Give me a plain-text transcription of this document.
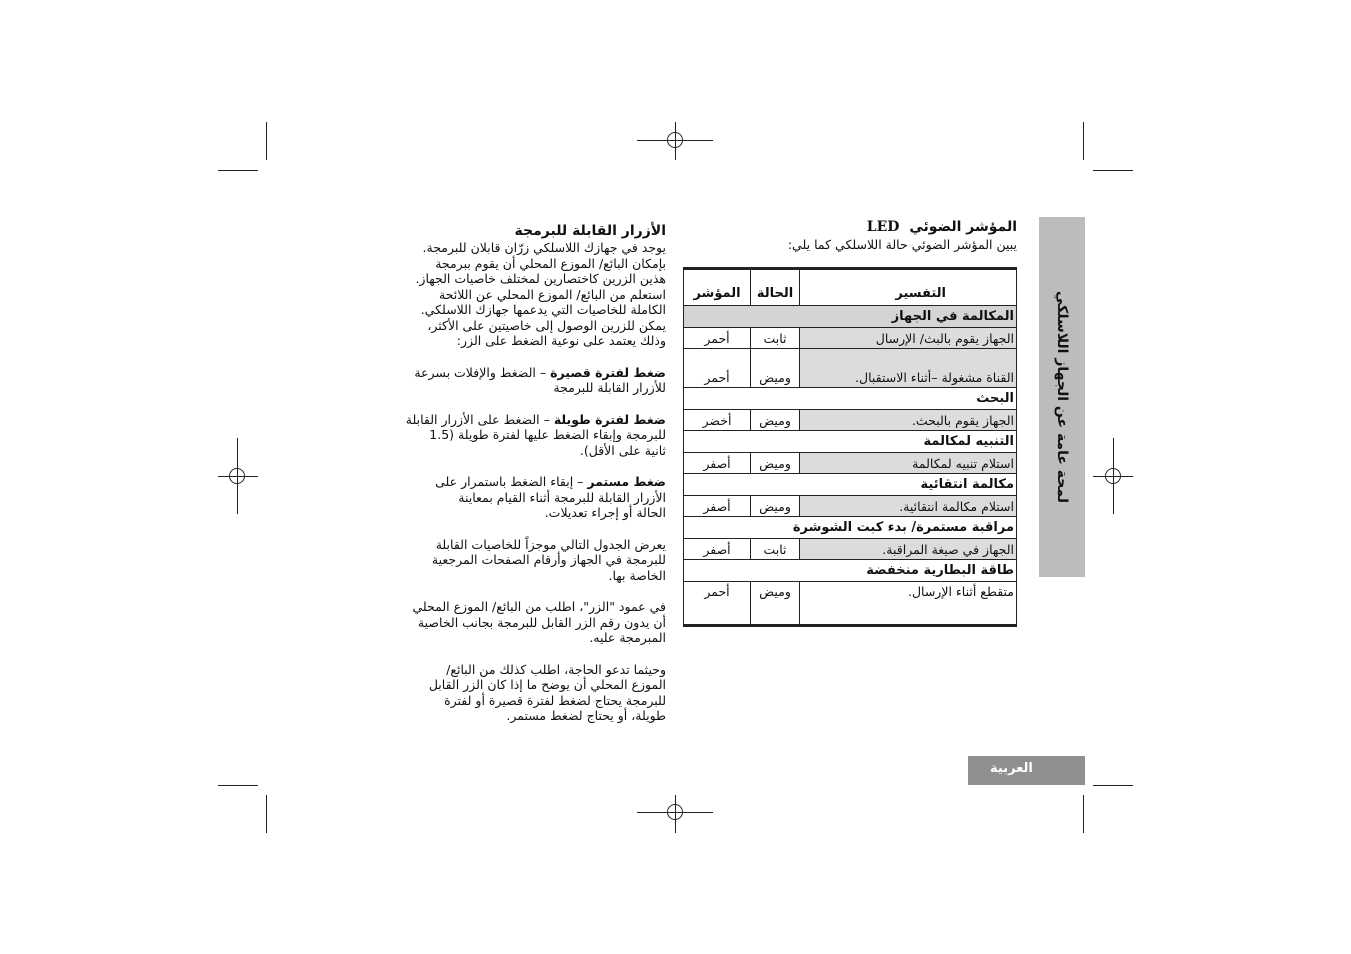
لمحة عامة عن الجهاز اللاسلكي
العربية
الأزرار القابلة للبرمجة

يوجد في جهازك اللاسلكي زرّان قابلان للبرمجة.

بإمكان البائع/ الموزع المحلي أن يقوم ببرمجة

هذين الزرين كاختصارين لمختلف خاصيات الجهاز.

استعلم من البائع/ الموزع المحلي عن اللائحة

الكاملة للخاصيات التي يدعمها جهازك اللاسلكي.

يمكن للزرين الوصول إلى خاصيتين على الأكثر،

وذلك يعتمد على نوعية الضغط على الزر:

ضغط لفترة قصيرة – الضغط والإفلات بسرعة

للأزرار القابلة للبرمجة

ضغط لفترة طويلة – الضغط على الأزرار القابلة

للبرمجة وإبقاء الضغط عليها لفترة طويلة (1.5

ثانية على الأقل).

ضغط مستمر – إبقاء الضغط باستمرار على

الأزرار القابلة للبرمجة أثناء القيام بمعاينة

الحالة أو إجراء تعديلات.

يعرض الجدول التالي موجزاً للخاصيات القابلة

للبرمجة في الجهاز وأرقام الصفحات المرجعية

الخاصة بها.

في عمود "الزر"، اطلب من البائع/ الموزع المحلي

أن يدون رقم الزر القابل للبرمجة بجانب الخاصية

المبرمجة عليه.

وحيثما تدعو الحاجة، اطلب كذلك من البائع/

الموزع المحلي أن يوضح ما إذا كان الزر القابل

للبرمجة يحتاج لضغط لفترة قصيرة أو لفترة

طويلة، أو يحتاج لضغط مستمر.

المؤشر الضوئيLED
يبين المؤشر الضوئي حالة اللاسلكي كما يلي:
التفسير	الحالة	المؤشر
المكالمة في الجهاز		
الجهاز يقوم بالبث/ الإرسال	ثابت	أحمر
القناة مشغولة –أثناء الاستقبال.	وميض	أحمر
البحث		
الجهاز يقوم بالبحث.	وميض	أخضر
التنبيه لمكالمة		
استلام تنبيه لمكالمة	وميض	أصفر
مكالمة انتقائية		
استلام مكالمة انتقائية.	وميض	أصفر
مراقبة مستمرة/ بدء كبت الشوشرة		
الجهاز في صيغة المراقبة.	ثابت	أصفر
طاقة البطارية منخفضة		
متقطع أثناء الإرسال.	وميض	أحمر
